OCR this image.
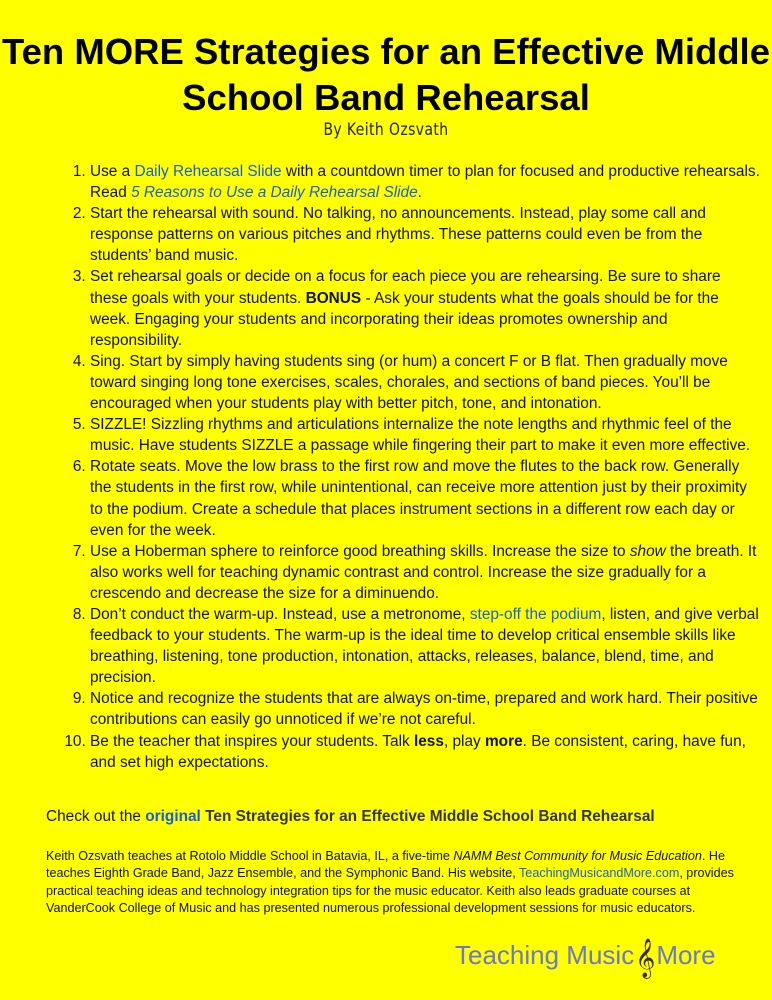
Ten MORE Strategies for an Effective Middle School Band Rehearsal
By Keith Ozsvath
1. Use a Daily Rehearsal Slide with a countdown timer to plan for focused and productive rehearsals. Read 5 Reasons to Use a Daily Rehearsal Slide.
2. Start the rehearsal with sound. No talking, no announcements. Instead, play some call and response patterns on various pitches and rhythms. These patterns could even be from the students’ band music.
3. Set rehearsal goals or decide on a focus for each piece you are rehearsing. Be sure to share these goals with your students. BONUS - Ask your students what the goals should be for the week. Engaging your students and incorporating their ideas promotes ownership and responsibility.
4. Sing. Start by simply having students sing (or hum) a concert F or B flat. Then gradually move toward singing long tone exercises, scales, chorales, and sections of band pieces. You’ll be encouraged when your students play with better pitch, tone, and intonation.
5. SIZZLE! Sizzling rhythms and articulations internalize the note lengths and rhythmic feel of the music. Have students SIZZLE a passage while fingering their part to make it even more effective.
6. Rotate seats. Move the low brass to the first row and move the flutes to the back row. Generally the students in the first row, while unintentional, can receive more attention just by their proximity to the podium. Create a schedule that places instrument sections in a different row each day or even for the week.
7. Use a Hoberman sphere to reinforce good breathing skills. Increase the size to show the breath. It also works well for teaching dynamic contrast and control. Increase the size gradually for a crescendo and decrease the size for a diminuendo.
8. Don’t conduct the warm-up. Instead, use a metronome, step-off the podium, listen, and give verbal feedback to your students. The warm-up is the ideal time to develop critical ensemble skills like breathing, listening, tone production, intonation, attacks, releases, balance, blend, time, and precision.
9. Notice and recognize the students that are always on-time, prepared and work hard. Their positive contributions can easily go unnoticed if we’re not careful.
10. Be the teacher that inspires your students. Talk less, play more. Be consistent, caring, have fun, and set high expectations.
Check out the original Ten Strategies for an Effective Middle School Band Rehearsal
Keith Ozsvath teaches at Rotolo Middle School in Batavia, IL, a five-time NAMM Best Community for Music Education. He teaches Eighth Grade Band, Jazz Ensemble, and the Symphonic Band. His website, TeachingMusicandMore.com, provides practical teaching ideas and technology integration tips for the music educator. Keith also leads graduate courses at VanderCook College of Music and has presented numerous professional development sessions for music educators.
Teaching Music𝄞More
